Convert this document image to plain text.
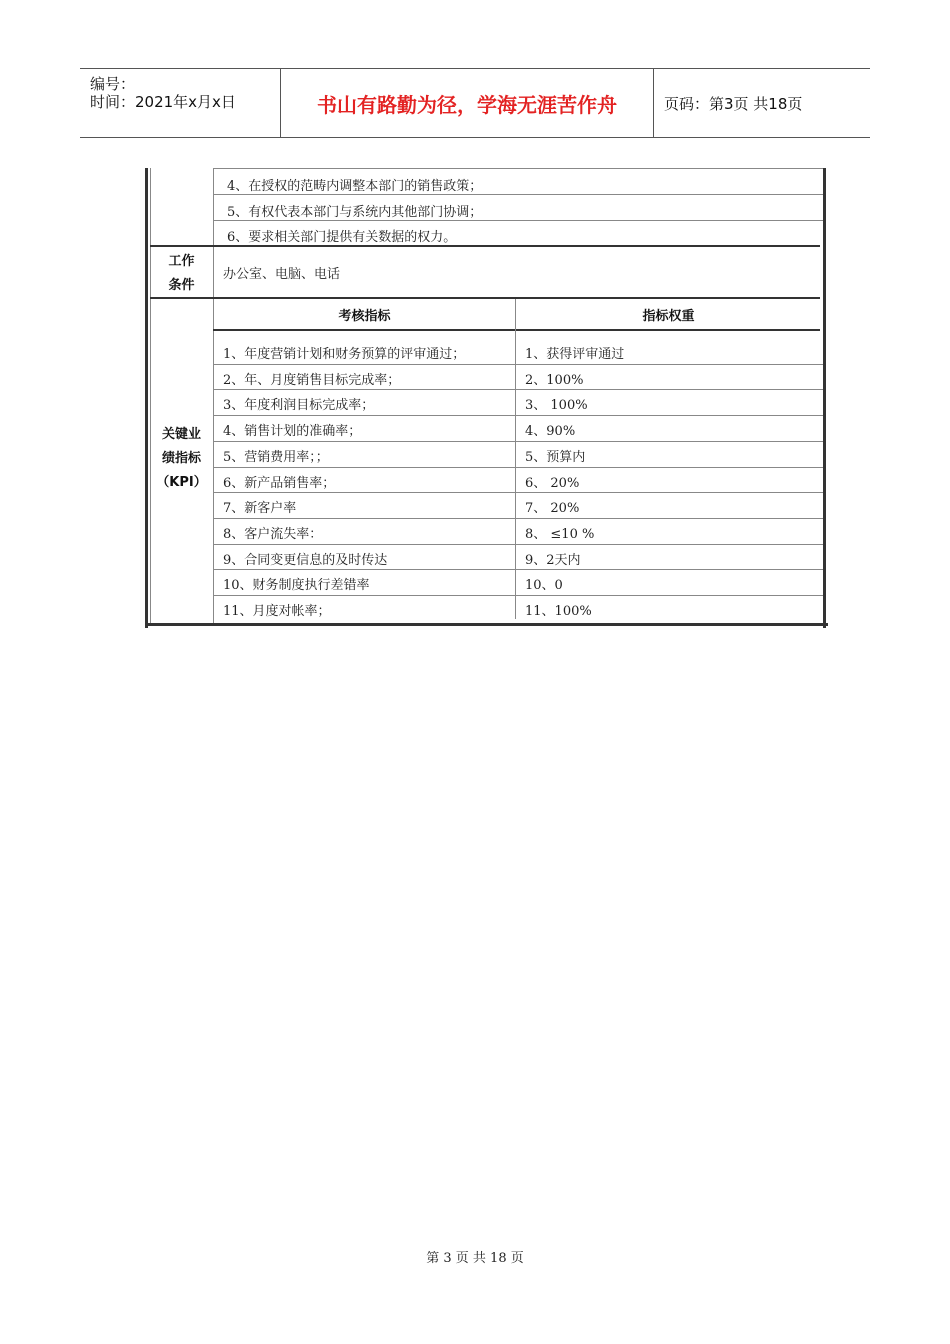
编号：
时间：2021年x月x日	书山有路勤为径，学海无涯苦作舟	页码：第3页 共18页
4、在授权的范畴内调整本部门的销售政策；
5、有权代表本部门与系统内其他部门协调；
6、要求相关部门提供有关数据的权力。
工作
条件
办公室、电脑、电话
关键业
绩指标
（KPI）
考核指标	指标权重
1、年度营销计划和财务预算的评审通过；	1、获得评审通过
2、年、月度销售目标完成率；	2、100%
3、年度利润目标完成率；	3、 100%
4、销售计划的准确率；	4、90%
5、营销费用率；；	5、预算内
6、新产品销售率；	6、 20%
7、新客户率	7、 20%
8、客户流失率：	8、 ≤10 %
9、合同变更信息的及时传达	9、2天内
10、财务制度执行差错率	10、0
11、月度对帐率；	11、100%
第 3 页 共 18 页
